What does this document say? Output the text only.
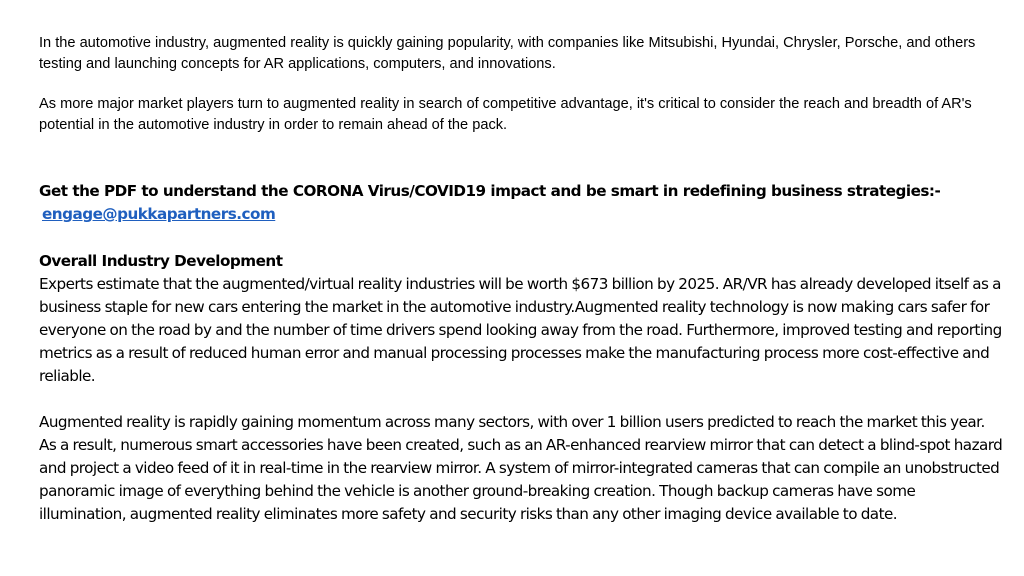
In the automotive industry, augmented reality is quickly gaining popularity, with companies like Mitsubishi, Hyundai, Chrysler, Porsche, and others testing and launching concepts for AR applications, computers, and innovations.

As more major market players turn to augmented reality in search of competitive advantage, it's critical to consider the reach and breadth of AR's potential in the automotive industry in order to remain ahead of the pack.

Get the PDF to understand the CORONA Virus/COVID19 impact and be smart in redefining business strategies:-
engage@pukkapartners.com
Overall Industry Development

Experts estimate that the augmented/virtual reality industries will be worth $673 billion by 2025. AR/VR has already developed itself as a business staple for new cars entering the market in the automotive industry.Augmented reality technology is now making cars safer for everyone on the road by and the number of time drivers spend looking away from the road. Furthermore, improved testing and reporting metrics as a result of reduced human error and manual processing processes make the manufacturing process more cost-effective and reliable.

Augmented reality is rapidly gaining momentum across many sectors, with over 1 billion users predicted to reach the market this year. As a result, numerous smart accessories have been created, such as an AR-enhanced rearview mirror that can detect a blind-spot hazard and project a video feed of it in real-time in the rearview mirror. A system of mirror-integrated cameras that can compile an unobstructed panoramic image of everything behind the vehicle is another ground-breaking creation. Though backup cameras have some illumination, augmented reality eliminates more safety and security risks than any other imaging device available to date.
